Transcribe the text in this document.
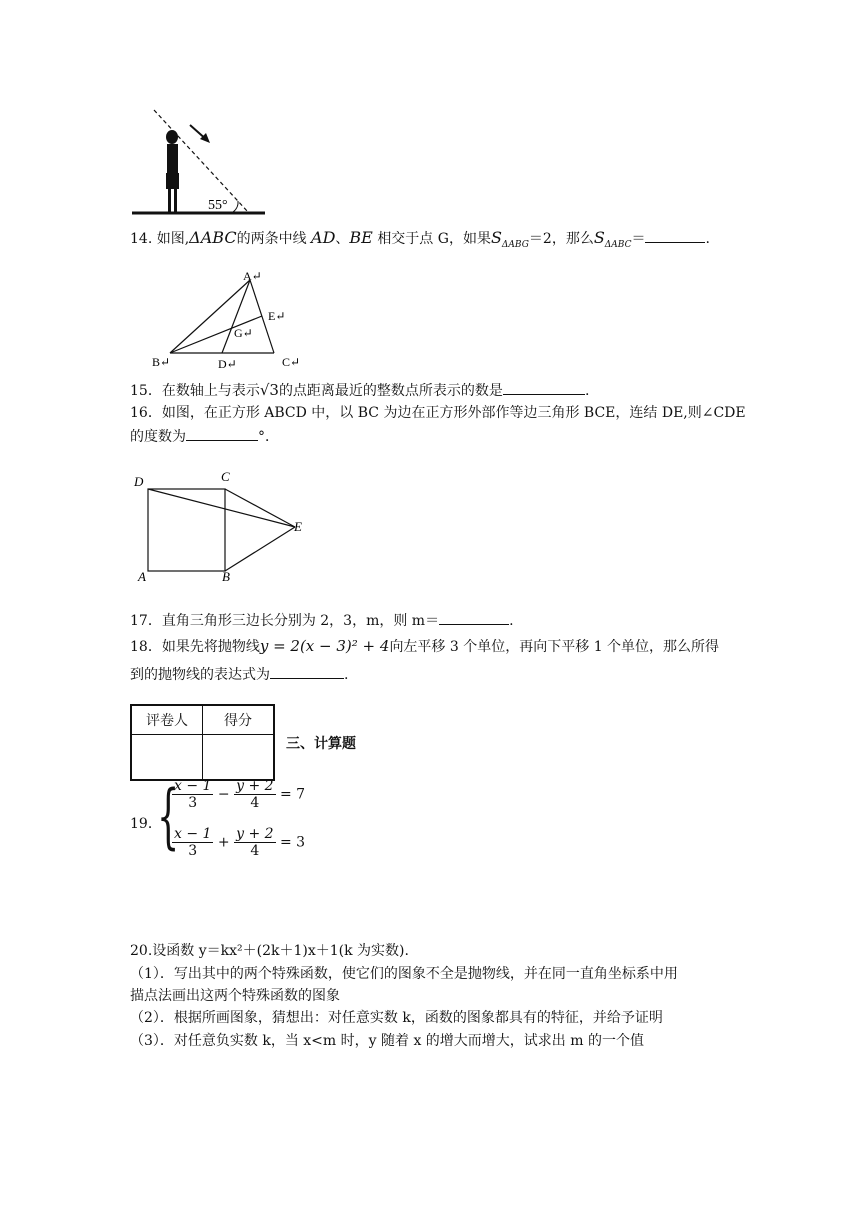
55°
14. 如图,ΔABC的两条中线 AD、BE 相交于点 G，如果$S_{\Delta ABG}=2$，那么$S_{\Delta ABC}=$	.
A↵
B↵	C↵
D↵
E↵
G↵
15．在数轴上与表示√3的点距离最近的整数点所表示的数是	.
16．如图，在正方形 ABCD 中，以 BC 为边在正方形外部作等边三角形 BCE，连结 DE,则∠CDE
的度数为	°．
D	C
E
A	B
17．直角三角形三边长分别为 2，3，m，则 m＝	.
18．如果先将抛物线y = 2(x − 3)² + 4向左平移 3 个单位，再向下平移 1 个单位，那么所得
到的抛物线的表达式为	.
评卷人	得分

三、计算题
19．
{
$\frac{x - 1}{3} - \frac{y + 2}{4} = 7$
$\frac{x - 1}{3} + \frac{y + 2}{4} = 3$
20.设函数 y＝kx²＋(2k＋1)x＋1(k 为实数).
（1）．写出其中的两个特殊函数，使它们的图象不全是抛物线，并在同一直角坐标系中用
描点法画出这两个特殊函数的图象
（2）．根据所画图象，猜想出：对任意实数 k，函数的图象都具有的特征，并给予证明
（3）．对任意负实数 k，当 x<m 时，y 随着 x 的增大而增大，试求出 m 的一个值
